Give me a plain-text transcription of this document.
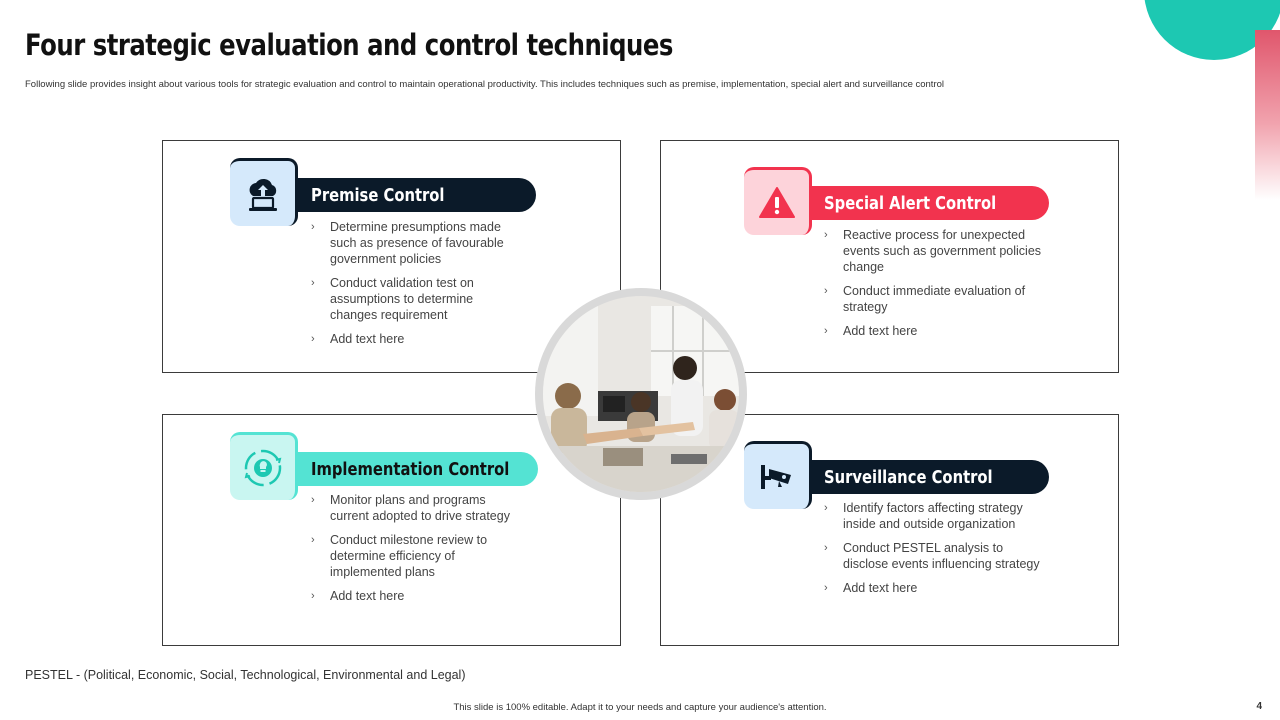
Four strategic evaluation and control techniques
Following slide provides insight about various tools for strategic evaluation and control to maintain operational productivity. This includes techniques such as premise, implementation, special alert and surveillance control
Premise Control
› Determine presumptions made such as presence of favourable government policies
› Conduct validation test on assumptions to determine changes requirement
› Add text here
Special Alert Control
› Reactive process for unexpected events such as government policies change
› Conduct immediate evaluation of strategy
› Add text here
Implementation Control
› Monitor plans and programs current adopted to drive strategy
› Conduct milestone review to determine efficiency of implemented plans
› Add text here
Surveillance Control
› Identify factors affecting strategy inside and outside organization
› Conduct PESTEL analysis to disclose events influencing strategy
› Add text here
PESTEL - (Political, Economic, Social, Technological, Environmental and Legal)
This slide is 100% editable. Adapt it to your needs and capture your audience's attention.	4
